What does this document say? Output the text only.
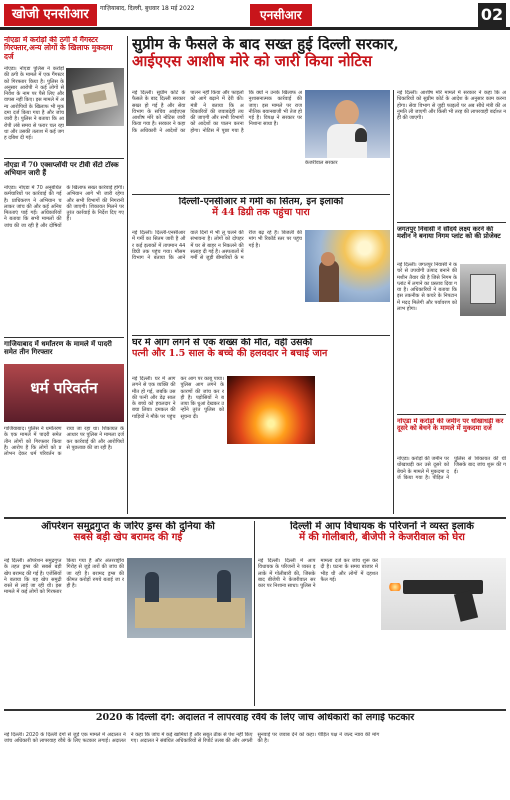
खोजी एनसीआर	गाज़ियाबाद, दिल्ली, बुधवार 18 मई 2022	एनसीआर	02
नोएडा में करोड़ों की ठगी में गैंगस्टर गिरफ्तार,अन्य लोगों के खिलाफ मुकदमा दर्ज
नोएडा। नोएडा पुलिस ने करोड़ों की ठगी के मामले में एक गैंगस्टर को गिरफ्तार किया है। पुलिस के अनुसार आरोपी ने कई लोगों से निवेश के नाम पर पैसे लिए और वापस नहीं किए। इस मामले में अन्य आरोपियों के खिलाफ भी मुकदमा दर्ज किया गया है और जांच जारी है। पुलिस ने बताया कि आरोपी लंबे समय से फरार चल रहा था और उसकी तलाश में कई जगह दबिश दी गई।
नोएडा में 70 एक्सप्लॉयी पर टीवी सेंटो टॉस्क अभियान जारी हैं
नोएडा। नोएडा में 70 अनुबंधित कर्मचारियों पर कार्रवाई की गई है। प्राधिकरण ने अभियान चलाकर जांच की और कई अनियमितताएं पाई गईं। अधिकारियों ने बताया कि सभी मामलों की जांच की जा रही है और दोषियों के खिलाफ सख्त कार्रवाई होगी। अभियान आगे भी जारी रहेगा और सभी विभागों की निगरानी की जाएगी। शिकायत मिलने पर तुरंत कार्रवाई के निर्देश दिए गए हैं।
गाजियाबाद में धर्मांतरण के मामले में पादरी समेत तीन गिरफ्तार
धर्म परिवर्तन
गाजियाबाद। पुलिस ने धर्मांतरण के एक मामले में पादरी समेत तीन लोगों को गिरफ्तार किया है। आरोप है कि लोगों को प्रलोभन देकर धर्म परिवर्तन कराया जा रहा था। शिकायत के आधार पर पुलिस ने मामला दर्ज कर कार्रवाई की और आरोपियों से पूछताछ की जा रही है।
सुप्रीम के फैसले के बाद सख्त हुई दिल्ली सरकार,
आईएएस आशीष मोरे को जारी किया नोटिस
नई दिल्ली। सुप्रीम कोर्ट के फैसले के बाद दिल्ली सरकार सख्त हो गई है और सेवा विभाग के सचिव आईएएस आशीष मोरे को नोटिस जारी किया गया है। सरकार ने कहा कि अधिकारी ने आदेशों का पालन नहीं किया और फाइलों को आगे बढ़ाने में देरी की। मंत्री ने बताया कि अधिकारियों की जवाबदेही तय की जाएगी और सभी विभागों को आदेशों का पालन करना होगा। नोटिस में पूछा गया है कि क्यों न उनके खिलाफ अनुशासनात्मक कार्रवाई की जाए। इस मामले पर राजनीतिक बयानबाजी भी तेज हो गई है। विपक्ष ने सरकार पर निशाना साधा है।
केजरीवाल सरकार
नई दिल्ली। आशीष मोरे मामले में सरकार ने कहा कि अधिकारियों को सुप्रीम कोर्ट के आदेश के अनुसार काम करना होगा। सेवा विभाग से जुड़ी फाइलों पर अब सीधे मंत्री की अनुमति ली जाएगी और किसी भी तरह की लापरवाही बर्दाश्त नहीं की जाएगी।
जगतपुर निवासी ने सौंदर्य लक्ष्य करने की मशीन ने बनाया निगम प्लांट को की प्रोजेक्ट
नई दिल्ली। जगतपुर निवासी ने कचरे से उपयोगी उत्पाद बनाने की मशीन तैयार की है जिसे निगम के प्लांट में लगाने का प्रस्ताव दिया गया है। अधिकारियों ने बताया कि इस तकनीक से कचरे के निपटान में मदद मिलेगी और पर्यावरण को लाभ होगा।
नोएडा में करोड़ों की जमीन पर धोखाधड़ी कर दूसरे को बेचने के मामले में मुकदमा दर्ज
नोएडा। करोड़ों की जमीन पर धोखाधड़ी कर उसे दूसरे को बेचने के मामले में मुकदमा दर्ज किया गया है। पीड़ित ने पुलिस से शिकायत की थी जिसके बाद जांच शुरू की गई।
दिल्ली-एनसीआर में गर्मी का सितम, इन इलाकों
में 44 डिग्री तक पहुंचा पारा
नई दिल्ली। दिल्ली-एनसीआर में गर्मी का सितम जारी है और कई इलाकों में तापमान 44 डिग्री तक पहुंच गया। मौसम विभाग ने बताया कि आने वाले दिनों में भी लू चलने की संभावना है। लोगों को दोपहर में घर से बाहर न निकलने की सलाह दी गई है। अस्पतालों में गर्मी से जुड़ी बीमारियों के मरीज बढ़ रहे हैं। बिजली की मांग भी रिकॉर्ड स्तर पर पहुंच गई है।
घर में आग लगने से एक शख्स की मौत, वहीं उसकी
पत्नी और 1.5 साल के बच्चे की हलवदार ने बचाई जान
नई दिल्ली। घर में आग लगने से एक व्यक्ति की मौत हो गई, जबकि उसकी पत्नी और डेढ़ साल के बच्चे को हवलदार ने बचा लिया। दमकल की गाड़ियों ने मौके पर पहुंचकर आग पर काबू पाया। पुलिस आग लगने के कारणों की जांच कर रही है। पड़ोसियों ने बताया कि धुआं देखकर उन्होंने तुरंत पुलिस को सूचना दी।
ऑपरेशन समुद्रगुप्त के जरिए ड्रग्स की दुनिया की
सबसे बड़ी खेप बरामद की गई
नई दिल्ली। ऑपरेशन समुद्रगुप्त के तहत ड्रग्स की सबसे बड़ी खेप बरामद की गई है। एजेंसियों ने बताया कि यह खेप समुद्री रास्ते से लाई जा रही थी। इस मामले में कई लोगों को गिरफ्तार किया गया है और अंतरराष्ट्रीय गिरोह से जुड़े तारों की जांच की जा रही है। बरामद ड्रग्स की कीमत करोड़ों रुपये बताई जा रही है।
दिल्ली में आप विधायक के परिजनों ने व्यस्त इलाके
में की गोलीबारी, बीजेपी ने केजरीवाल को घेरा
नई दिल्ली। दिल्ली में आप विधायक के परिजनों ने व्यस्त इलाके में गोलीबारी की, जिसके बाद बीजेपी ने केजरीवाल सरकार पर निशाना साधा। पुलिस ने मामला दर्ज कर जांच शुरू कर दी है। घटना के समय बाजार में भीड़ थी और लोगों में दहशत फैल गई।
2020 के दिल्ली दंगे: अदालत ने लापरवाह रवैये के लिए जांच अधिकारी को लगाई फटकार
नई दिल्ली। 2020 के दिल्ली दंगों से जुड़े एक मामले में अदालत ने जांच अधिकारी को लापरवाह रवैये के लिए फटकार लगाई। अदालत ने कहा कि जांच में कई खामियां हैं और सबूत ठीक से पेश नहीं किए गए। अदालत ने संबंधित अधिकारियों से रिपोर्ट तलब की और अगली सुनवाई पर जवाब देने को कहा। पीड़ित पक्ष ने जल्द न्याय की मांग की है।
